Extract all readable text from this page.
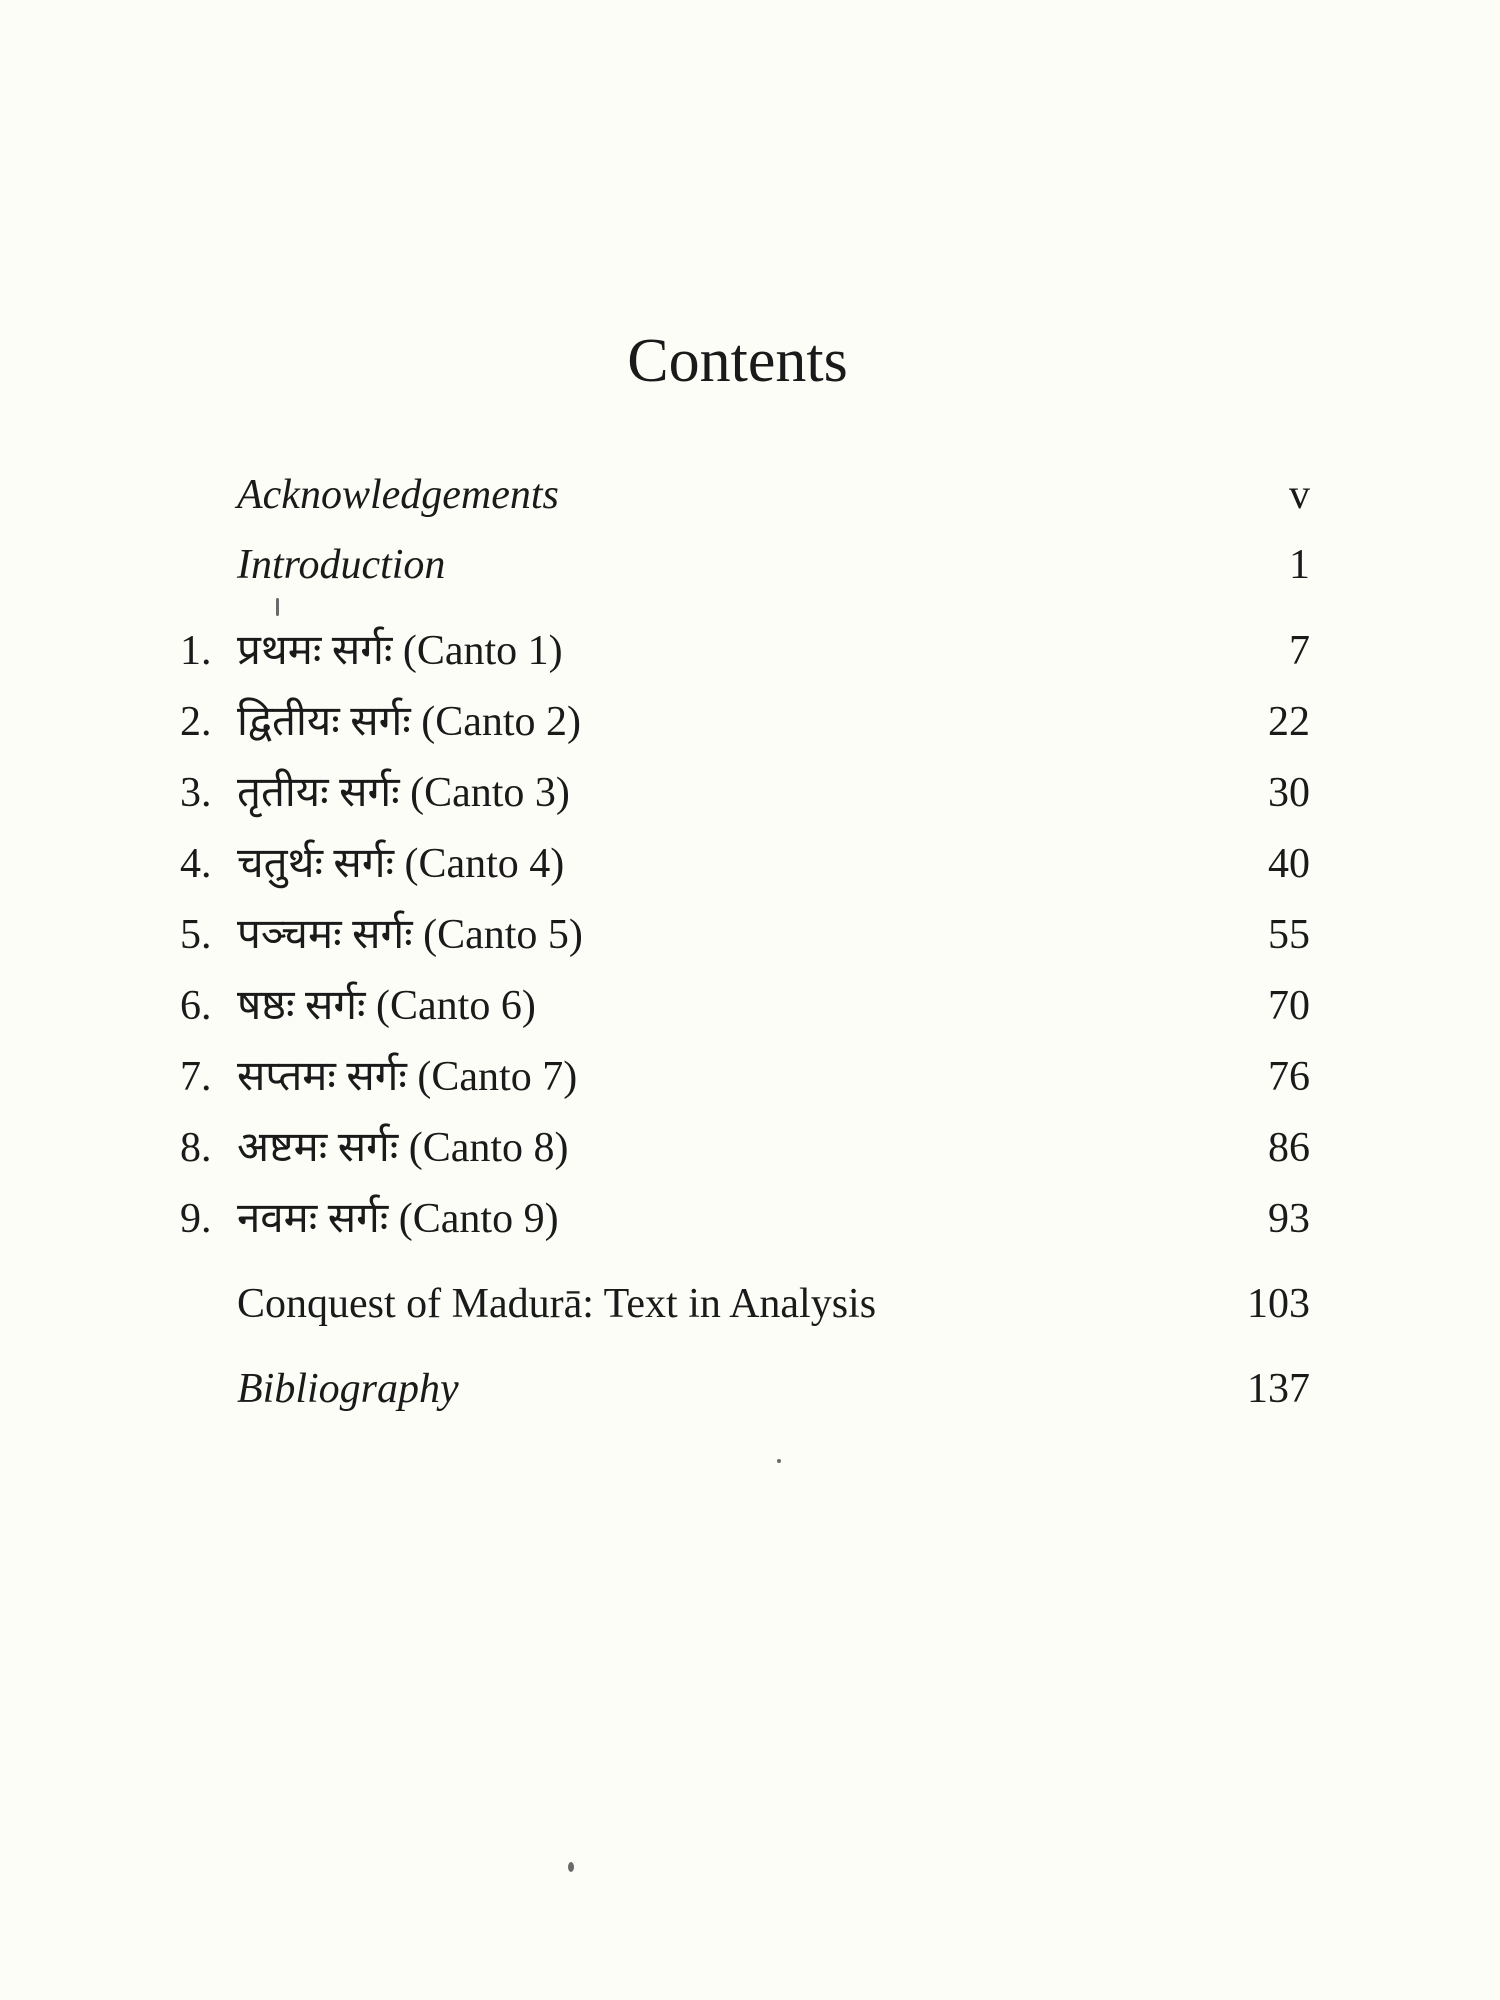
Contents
Acknowledgements	v
Introduction	1
1. प्रथमः सर्गः (Canto 1)	7
2. द्वितीयः सर्गः (Canto 2)	22
3. तृतीयः सर्गः (Canto 3)	30
4. चतुर्थः सर्गः (Canto 4)	40
5. पञ्चमः सर्गः (Canto 5)	55
6. षष्ठः सर्गः (Canto 6)	70
7. सप्तमः सर्गः (Canto 7)	76
8. अष्टमः सर्गः (Canto 8)	86
9. नवमः सर्गः (Canto 9)	93
Conquest of Madurā: Text in Analysis	103
Bibliography	137
